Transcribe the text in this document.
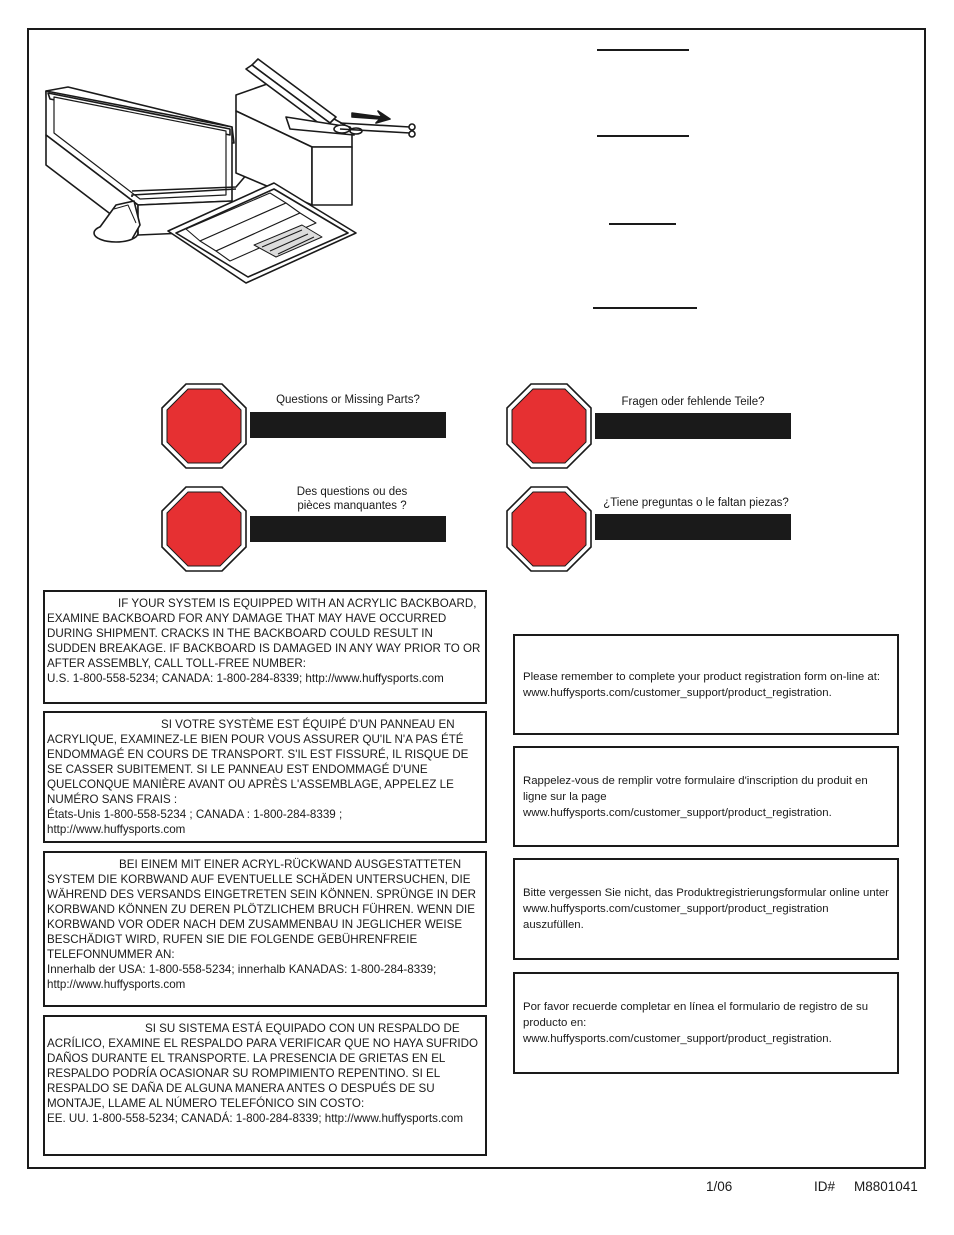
Questions or Missing Parts?	Fragen oder fehlende Teile?
Des questions ou des pièces manquantes ?	¿Tiene preguntas o le faltan piezas?
IF YOUR SYSTEM IS EQUIPPED WITH AN ACRYLIC BACKBOARD, EXAMINE BACKBOARD FOR ANY DAMAGE THAT MAY HAVE OCCURRED DURING SHIPMENT. CRACKS IN THE BACKBOARD COULD RESULT IN SUDDEN BREAKAGE. IF BACKBOARD IS DAMAGED IN ANY WAY PRIOR TO OR AFTER ASSEMBLY, CALL TOLL-FREE NUMBER:
U.S. 1-800-558-5234; CANADA: 1-800-284-8339; http://www.huffysports.com
SI VOTRE SYSTÈME EST ÉQUIPÉ D'UN PANNEAU EN ACRYLIQUE, EXAMINEZ-LE BIEN POUR VOUS ASSURER QU'IL N'A PAS ÉTÉ ENDOMMAGÉ EN COURS DE TRANSPORT. S'IL EST FISSURÉ, IL RISQUE DE SE CASSER SUBITEMENT. SI LE PANNEAU EST ENDOMMAGÉ D'UNE QUELCONQUE MANIÈRE AVANT OU APRÈS L'ASSEMBLAGE, APPELEZ LE NUMÉRO SANS FRAIS :
États-Unis 1-800-558-5234 ; CANADA : 1-800-284-8339 ; http://www.huffysports.com
BEI EINEM MIT EINER ACRYL-RÜCKWAND AUSGESTATTETEN SYSTEM DIE KORBWAND AUF EVENTUELLE SCHÄDEN UNTERSUCHEN, DIE WÄHREND DES VERSANDS EINGETRETEN SEIN KÖNNEN. SPRÜNGE IN DER KORBWAND KÖNNEN ZU DEREN PLÖTZLICHEM BRUCH FÜHREN. WENN DIE KORBWAND VOR ODER NACH DEM ZUSAMMENBAU IN JEGLICHER WEISE BESCHÄDIGT WIRD, RUFEN SIE DIE FOLGENDE GEBÜHRENFREIE TELEFONNUMMER AN:
Innerhalb der USA: 1-800-558-5234; innerhalb KANADAS: 1-800-284-8339; http://www.huffysports.com
SI SU SISTEMA ESTÁ EQUIPADO CON UN RESPALDO DE ACRÍLICO, EXAMINE EL RESPALDO PARA VERIFICAR QUE NO HAYA SUFRIDO DAÑOS DURANTE EL TRANSPORTE. LA PRESENCIA DE GRIETAS EN EL RESPALDO PODRÍA OCASIONAR SU ROMPIMIENTO REPENTINO. SI EL RESPALDO SE DAÑA DE ALGUNA MANERA ANTES O DESPUÉS DE SU MONTAJE, LLAME AL NÚMERO TELEFÓNICO SIN COSTO:
EE. UU. 1-800-558-5234; CANADÁ: 1-800-284-8339; http://www.huffysports.com
Please remember to complete your product registration form on-line at: www.huffysports.com/customer_support/product_registration.
Rappelez-vous de remplir votre formulaire d'inscription du produit en ligne sur la page www.huffysports.com/customer_support/product_registration.
Bitte vergessen Sie nicht, das Produktregistrierungsformular online unter www.huffysports.com/customer_support/product_registration auszufüllen.
Por favor recuerde completar en línea el formulario de registro de su producto en: www.huffysports.com/customer_support/product_registration.
1/06	ID# M8801041
